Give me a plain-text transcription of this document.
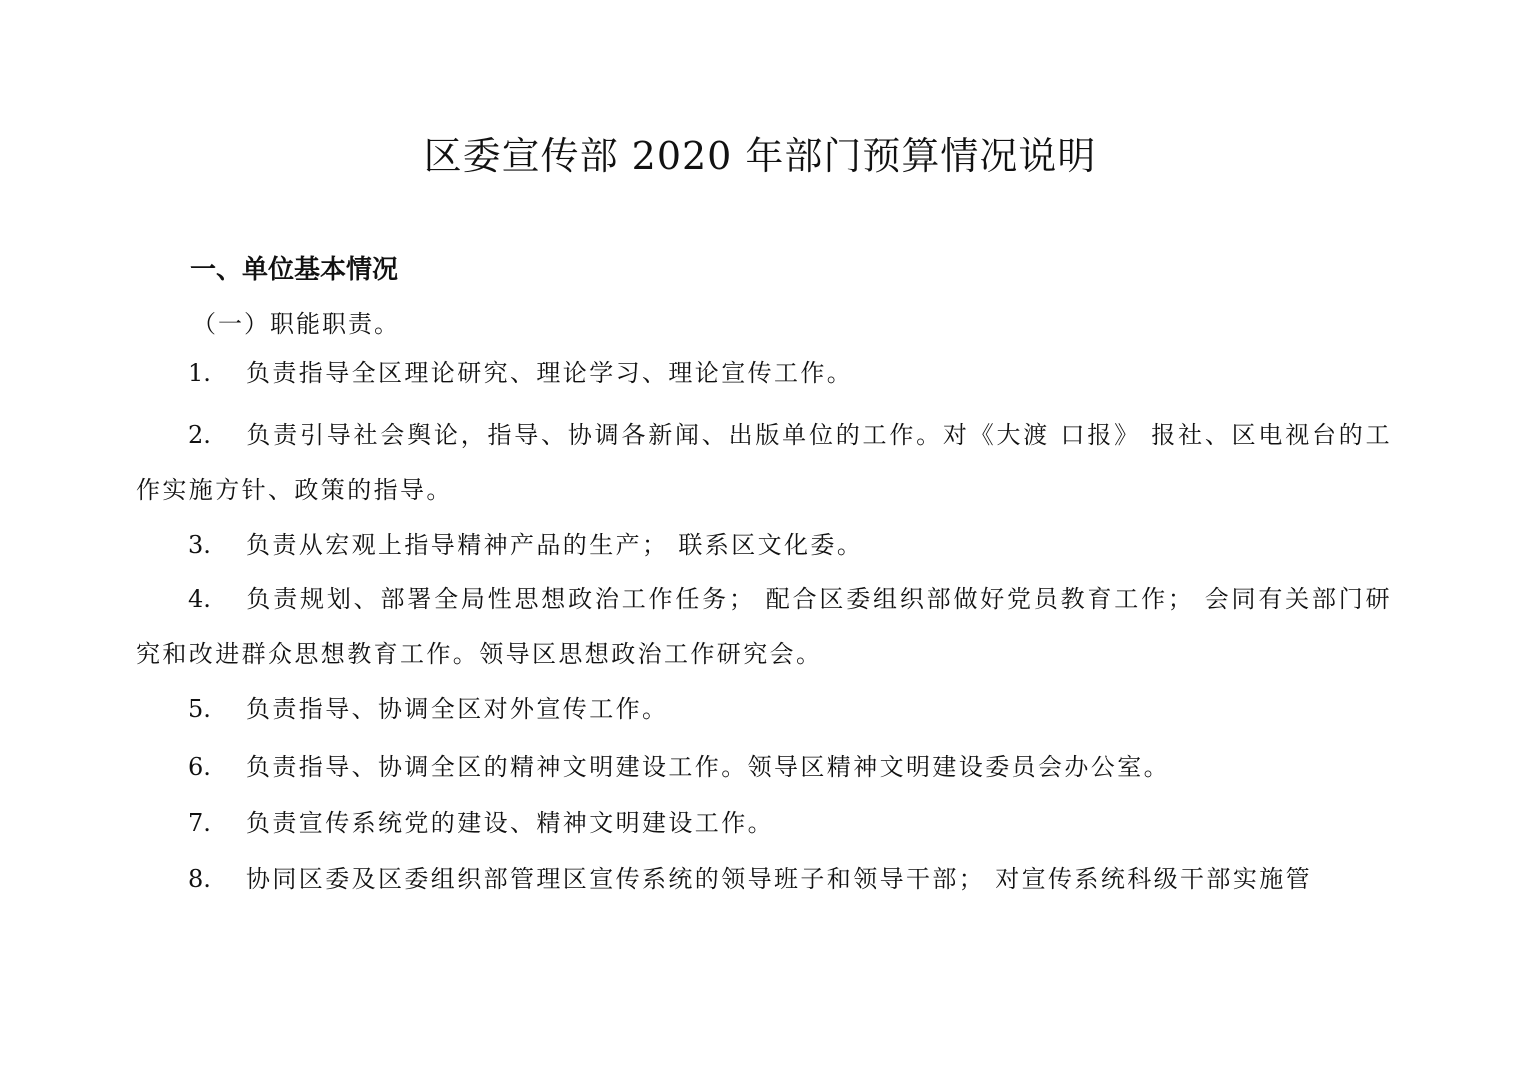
区委宣传部 2020 年部门预算情况说明
一、单位基本情况
（一）职能职责。
1. 负责指导全区理论研究、理论学习、理论宣传工作。
2. 负责引导社会舆论，指导、协调各新闻、出版单位的工作。对《大渡 口报》 报社、区电视台的工作实施方针、政策的指导。
3. 负责从宏观上指导精神产品的生产； 联系区文化委。
4. 负责规划、部署全局性思想政治工作任务； 配合区委组织部做好党员教育工作； 会同有关部门研究和改进群众思想教育工作。领导区思想政治工作研究会。
5. 负责指导、协调全区对外宣传工作。
6. 负责指导、协调全区的精神文明建设工作。领导区精神文明建设委员会办公室。
7. 负责宣传系统党的建设、精神文明建设工作。
8. 协同区委及区委组织部管理区宣传系统的领导班子和领导干部； 对宣传系统科级干部实施管
